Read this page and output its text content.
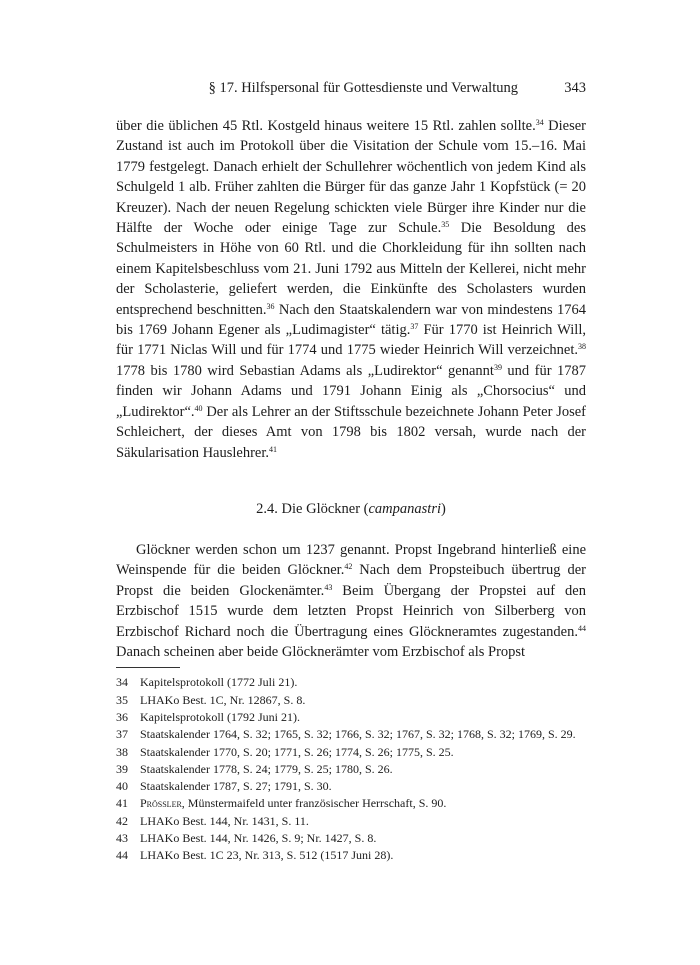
§ 17. Hilfspersonal für Gottesdienste und Verwaltung	343

über die üblichen 45 Rtl. Kostgeld hinaus weitere 15 Rtl. zahlen sollte.$^{34}$ Dieser Zustand ist auch im Protokoll über die Visitation der Schule vom 15.–16. Mai 1779 festgelegt. Danach erhielt der Schullehrer wöchentlich von jedem Kind als Schulgeld 1 alb. Früher zahlten die Bürger für das ganze Jahr 1 Kopfstück (= 20 Kreuzer). Nach der neuen Regelung schickten viele Bürger ihre Kinder nur die Hälfte der Woche oder einige Tage zur Schule.$^{35}$ Die Besoldung des Schulmeisters in Höhe von 60 Rtl. und die Chorkleidung für ihn sollten nach einem Kapitelsbeschluss vom 21. Juni 1792 aus Mitteln der Kellerei, nicht mehr der Scholasterie, geliefert werden, die Einkünfte des Scholasters wurden entsprechend beschnitten.$^{36}$ Nach den Staatskalendern war von mindestens 1764 bis 1769 Johann Egener als „Ludimagister“ tätig.$^{37}$ Für 1770 ist Heinrich Will, für 1771 Niclas Will und für 1774 und 1775 wieder Heinrich Will verzeichnet.$^{38}$ 1778 bis 1780 wird Sebastian Adams als „Ludirektor“ genannt$^{39}$ und für 1787 finden wir Johann Adams und 1791 Johann Einig als „Chorsocius“ und „Ludirektor“.$^{40}$ Der als Lehrer an der Stiftsschule bezeichnete Johann Peter Josef Schleichert, der dieses Amt von 1798 bis 1802 versah, wurde nach der Säkularisation Hauslehrer.$^{41}$

2.4. Die Glöckner (campanastri)

Glöckner werden schon um 1237 genannt. Propst Ingebrand hinterließ eine Weinspende für die beiden Glöckner.$^{42}$ Nach dem Propsteibuch übertrug der Propst die beiden Glockenämter.$^{43}$ Beim Übergang der Propstei auf den Erzbischof 1515 wurde dem letzten Propst Heinrich von Silberberg von Erzbischof Richard noch die Übertragung eines Glöckneramtes zugestanden.$^{44}$ Danach scheinen aber beide Glöcknerämter vom Erzbischof als Propst

34	Kapitelsprotokoll (1772 Juli 21).
35	LHAKo Best. 1C, Nr. 12867, S. 8.
36	Kapitelsprotokoll (1792 Juni 21).
37	Staatskalender 1764, S. 32; 1765, S. 32; 1766, S. 32; 1767, S. 32; 1768, S. 32; 1769, S. 29.
38	Staatskalender 1770, S. 20; 1771, S. 26; 1774, S. 26; 1775, S. 25.
39	Staatskalender 1778, S. 24; 1779, S. 25; 1780, S. 26.
40	Staatskalender 1787, S. 27; 1791, S. 30.
41	Prössler, Münstermaifeld unter französischer Herrschaft, S. 90.
42	LHAKo Best. 144, Nr. 1431, S. 11.
43	LHAKo Best. 144, Nr. 1426, S. 9; Nr. 1427, S. 8.
44	LHAKo Best. 1C 23, Nr. 313, S. 512 (1517 Juni 28).
